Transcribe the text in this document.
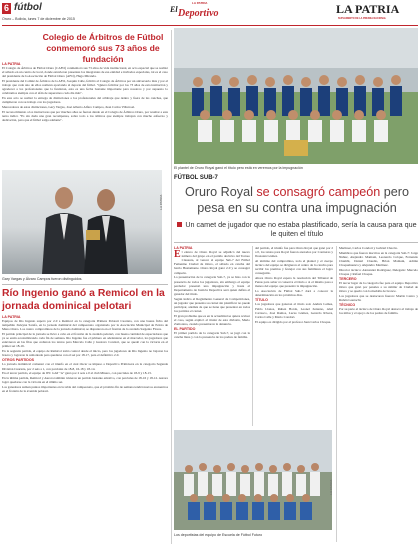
6 fútbol
Oruro – Bolivia, lunes 7 de diciembre de 2015
LA PATRIA
El Deportivo	LA PATRIA
SUPLEMENTO DE LA PRENSA NACIONAL
Colegio de Árbitros de Fútbol conmemoró sus 73 años de fundación
LA PATRIA

El Colegio de Árbitros de Fútbol Oruro (CAFO) conmemoró sus 73 años de vida institucional, en acto especial que se realizó el sábado en un centro de local, donde estuvieron presentes los integrantes de esa entidad e invitados especiales, tal es el caso del presidente de la Asociación de Fútbol Oruro (AFO), Hugo Miranda.

El presidente del Comité de Árbitros de la AFO, Joaquín Calle, felicitó al Colegio de Árbitros por un aniversario más y por el trabajo que cada uno de ellos realizan aportando al deporte del fútbol. "Quiero felicitar por los 73 años de esta institución y agradecer a los profesionales que la fundaron, esta es una fecha bastante importante para nosotros y por supuesto lo celebramos siempre con el afán de superarnos cada día más".

En este acto se realizó la entrega de distinciones a los profesionales del arbitraje que dentro y fuera de las canchas, que cumplieron con su trabajo con los jugadores.

Merecedores de estas distinciones, Gary Vargas, José Alberto Alfaro Campos, Juan Carlos Villarroel.

El reconocimiento a los instructores que por muchos años se fueron dando en el Colegio de Árbitros Oruro, por resaltar a esta terna indico "Es sin duda una gran recompensa, sobre todo a los árbitros que siempre trabajan con mucho esfuerzo y dedicación, para que el fútbol salga adelante".

LA PATRIA
Gary Vargas y Álvaro Campos fueron distinguidos.
Río Ingenio ganó a Remicol en la jornada dominical pelotari
LA PATRIA

Equipos de Río Ingenio superó por 2-0 a Remicol en la categoría Primera Pelotari Cuarteta, con una buena ficha del tampeñito Zuleyna Sarafa, en la jornada dominical del campeonato organizado por la Asociación Municipal de Pelota de Mano Oruro. Los cuatro compromisos de la jornada dominical, se disputaron en el frontón de la avenida Sargento Flores.

El partido principal de la jornada se llevó a cabo en el frontón de la avenida pelotari, con buena cantidad de espectadores que ya se están acostumbrando cada fin de semana. Río Ingenio fue el primero en adelantarse en el marcador, los jugadores que estuvieron en las filas que cedieron los tantos para Marcelo Calle y Gustavo Condori, que se quedó con la victoria en el primer set 18-16.

En la segunda partida, el equipo de Remicol tomó control desde el inicio, pero los jugadores de Río Ingenio no bajaron los brazos y lograron la remontada para quedarse con el set por 18-17, para el definitivo 2-0.

OTROS PARTIDOS

La jornada dominical comenzó con el triunfo en el cual Oscar se impuso a Deportivo Primavera en la categoría Segunda División Cuarteta, por 2 sets a 1, con parciales de 18-8, 16-18 y 18-14.

En el tercer partido, el equipo de JPC GAT "A" ganó por 2 sets a 0 al club Minero, con parciales de 18-9 y 18-13.

En la última partida, Remicol y Aurora también tuvieron un partido bastante emotivo, con parciales de 18-16 y 18-12. Aurora logró quedarse con la victoria en el último set.

Los ganadores suman puntos importantes en la tabla del campeonato, que el próximo fin de semana tendrá nuevos encuentros en el frontón de la avenida pelotari.

El plantel de Oruro Royal ganó el título pero está en veremos por la impugnación
FÚTBOL SUB-7
Oruro Royal se consagró campeón pero pesa en su contra una impugnación
Un camet de jugador que no estaba plastificado, sería la causa para que le quiten el título
LA PATRIA

El elenco de Oruro Royal se adjudicó del nuevo número del grupo en el partido decisivo del Torneo Clausura, al vencer al equipo Sub-7 del Fútbol Femenino Ciudad de Oruro, el sábado en cancha del barrio Bustamante. Oruro Royal ganó 2-0 y se consagró campeón.

La presentación de la categoría Sub-7, ya se hizo con la presencia de todos los jugadores, sin embargo el equipo perdedor presentó una impugnación y hasta el Departamento de Justicia Deportiva será quien defina el ganador del título.

Según indica el Reglamento General de Competiciones, un jugador que presenta su carnet sin plastificar no puede participar, además de que se tiene que presentar en todos los partidos el carnet.

El gran problema que es en la actualidad se quiere revisar el caso, según explicó el titular de esta división, Mario Zamorano, cuando presentaron la denuncia.

EL PARTIDO

El primer partido de la categoría Sub-7, se jugó con la cancha llena y con la presencia de los padres de familia.

del partido, el triunfo fue para Oruro Royal que ganó por 2 a 0, los tantos para Royal fueron anotados por Contreras y Jhonatan Gómez.

Al término del compromiso, todo el plantel y el cuerpo técnico del equipo se dirigieron al centro de la cancha para recibir los premios y festejar con sus familiares el logro conseguido.

Ahora Oruro Royal espera la resolución del Tribunal de Penas para saber si conserva el título o si el mismo pasa a manos del equipo que presentó la impugnación.

La Asociación de Fútbol Sub-7 dará a conocer la determinación en los próximos días.

TÍTULO

Los jugadores que ganaron el título son: Andrés Lamas, Pablo Llanos, Ruben Borda, Leonel Zenteno, Abel Carrasco, José Ramos, Lucas Gómez, Gerardo Rivera, Carlos Calle y Mario Condori.

El equipo es dirigido por el profesor Juan Carlos Choque.

Martínez, Carlos Condori y Gabriel Chacón.

Miembros que fueron inscritos en la categoría Sub-7: Jorge Nuñez, Alejandro Mamani, Leonardo Colque, Fernando Chambi, Daniel Claudio, Brian Mamani, Adrián Choquehuanca y Alejandro Martínez.

Director técnico: Alexander Rodríguez, Delegado: Marcelo Choque y Rafael Choque.

TERCERO

El tercer lugar de la categoría fue para el equipo Deportivo Oruro que ganó por penales a su similar de Ciudad de Oruro y se quedó con la medalla de bronce.

Los jugadores que se destacaron fueron: Martín Castro y Rubén Guarachi.

TÉCNICO

Por su parte el técnico de Oruro Royal destacó el trabajo de los niños y el apoyo de los padres de familia.

LA PATRIA
Los deportistas del equipo de Escuela de Fútbol Futuro
